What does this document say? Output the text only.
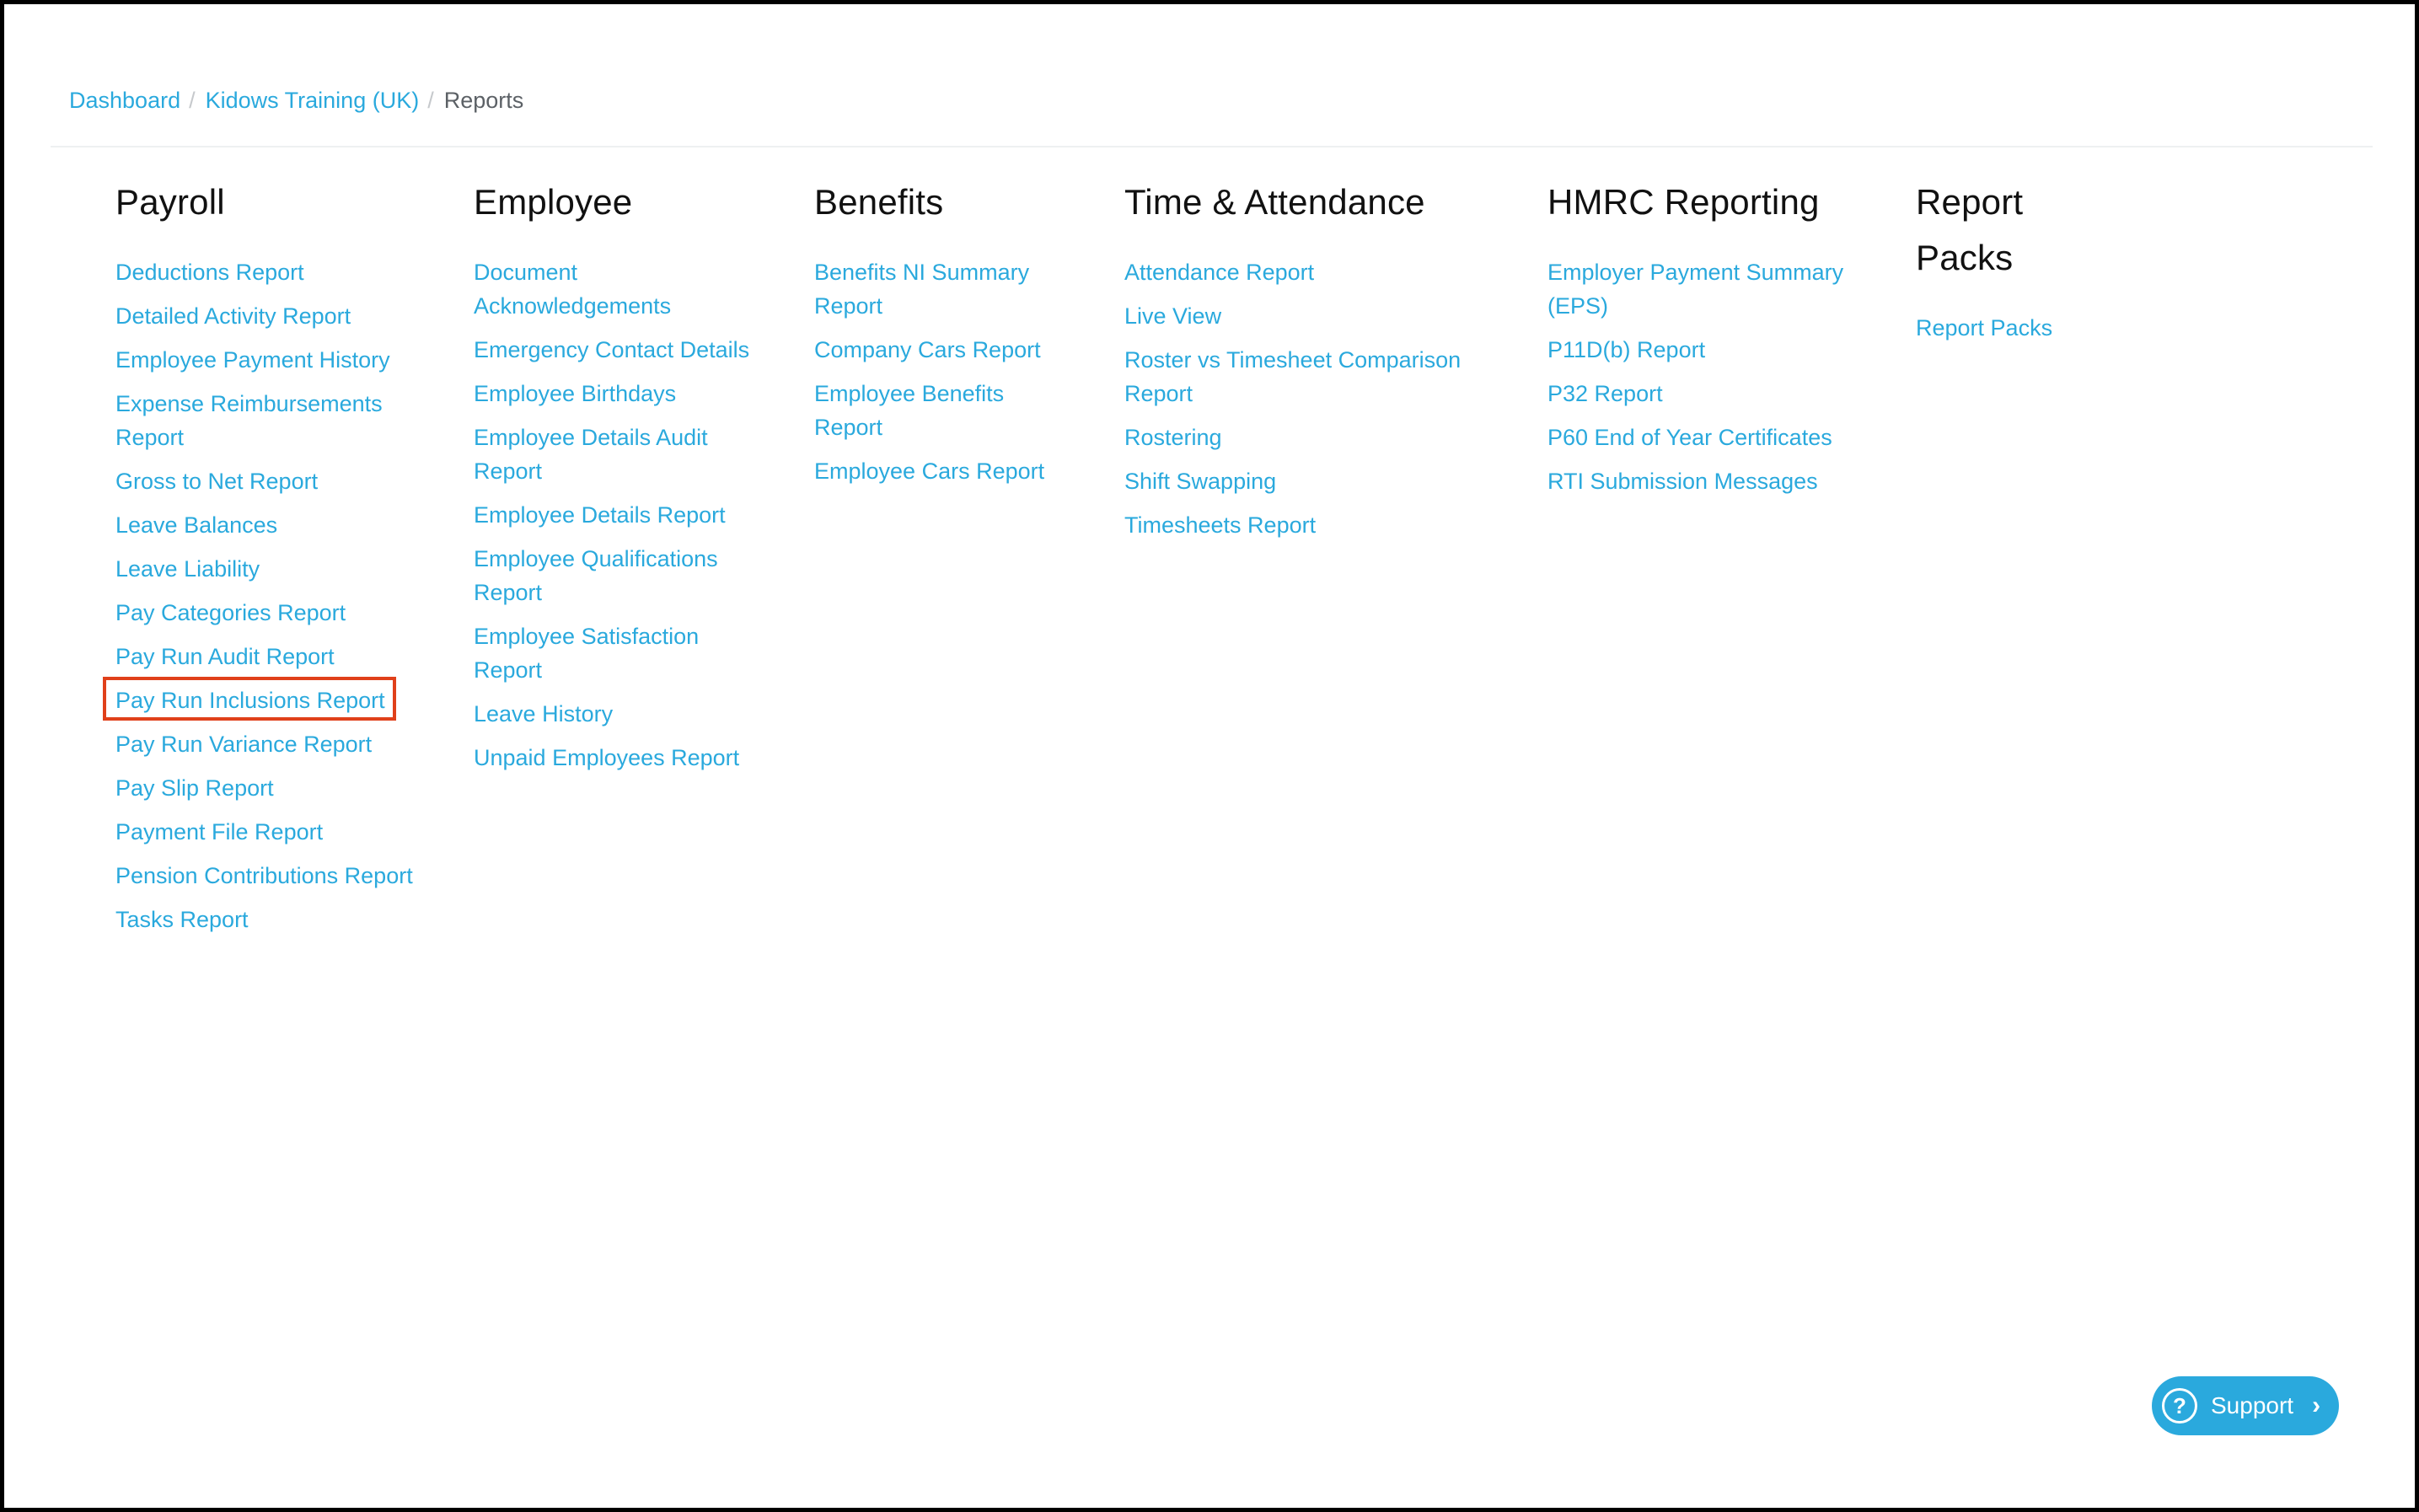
Dashboard / Kidows Training (UK) / Reports
Payroll
Deductions Report
Detailed Activity Report
Employee Payment History
Expense Reimbursements Report
Gross to Net Report
Leave Balances
Leave Liability
Pay Categories Report
Pay Run Audit Report
Pay Run Inclusions Report
Pay Run Variance Report
Pay Slip Report
Payment File Report
Pension Contributions Report
Tasks Report
Employee
Document Acknowledgements
Emergency Contact Details
Employee Birthdays
Employee Details Audit Report
Employee Details Report
Employee Qualifications Report
Employee Satisfaction Report
Leave History
Unpaid Employees Report
Benefits
Benefits NI Summary Report
Company Cars Report
Employee Benefits Report
Employee Cars Report
Time & Attendance
Attendance Report
Live View
Roster vs Timesheet Comparison Report
Rostering
Shift Swapping
Timesheets Report
HMRC Reporting
Employer Payment Summary (EPS)
P11D(b) Report
P32 Report
P60 End of Year Certificates
RTI Submission Messages
Report Packs
Report Packs
?	Support ›
